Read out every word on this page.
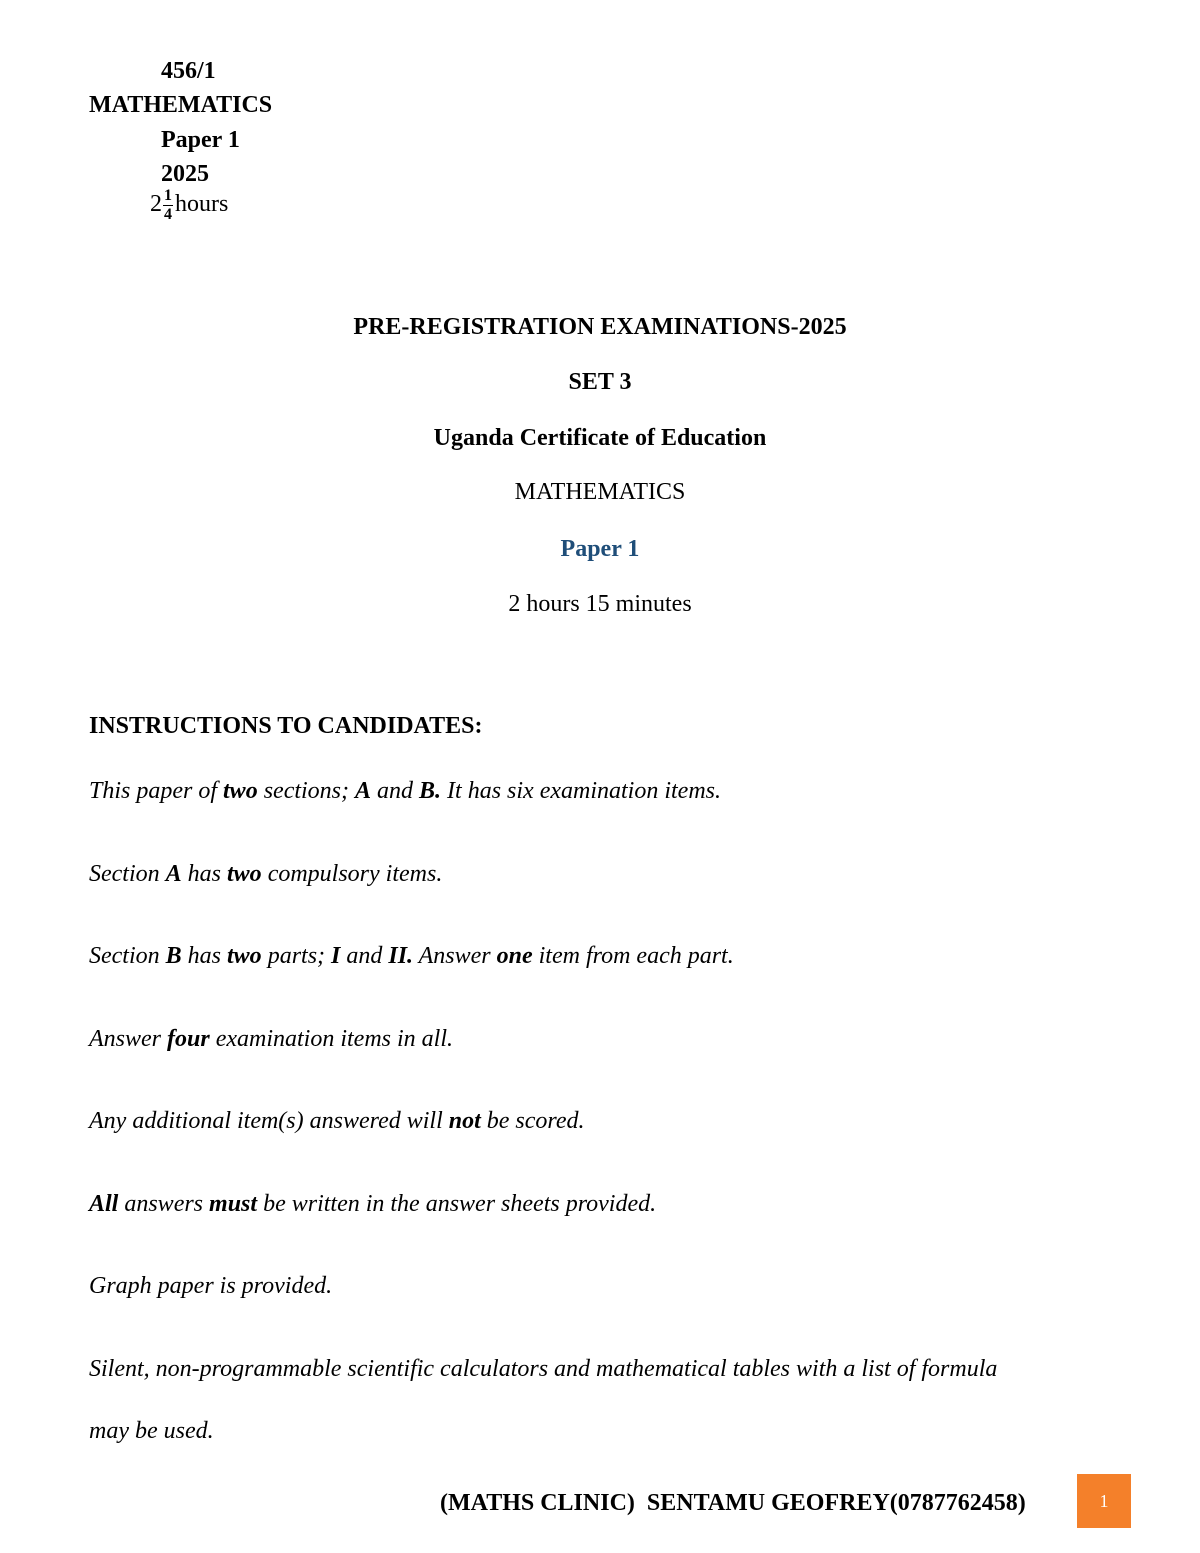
456/1
MATHEMATICS
Paper 1
2025
$2 \frac{1}{4}$ hours
PRE-REGISTRATION EXAMINATIONS-2025
SET 3
Uganda Certificate of Education
MATHEMATICS
Paper 1
2 hours 15 minutes
INSTRUCTIONS TO CANDIDATES:
This paper of two sections; A and B. It has six examination items.
Section A has two compulsory items.
Section B has two parts; I and II. Answer one item from each part.
Answer four examination items in all.
Any additional item(s) answered will not be scored.
All answers must be written in the answer sheets provided.
Graph paper is provided.
Silent, non-programmable scientific calculators and mathematical tables with a list of formula
may be used.
(MATHS CLINIC)  SENTAMU GEOFREY(0787762458)	1
